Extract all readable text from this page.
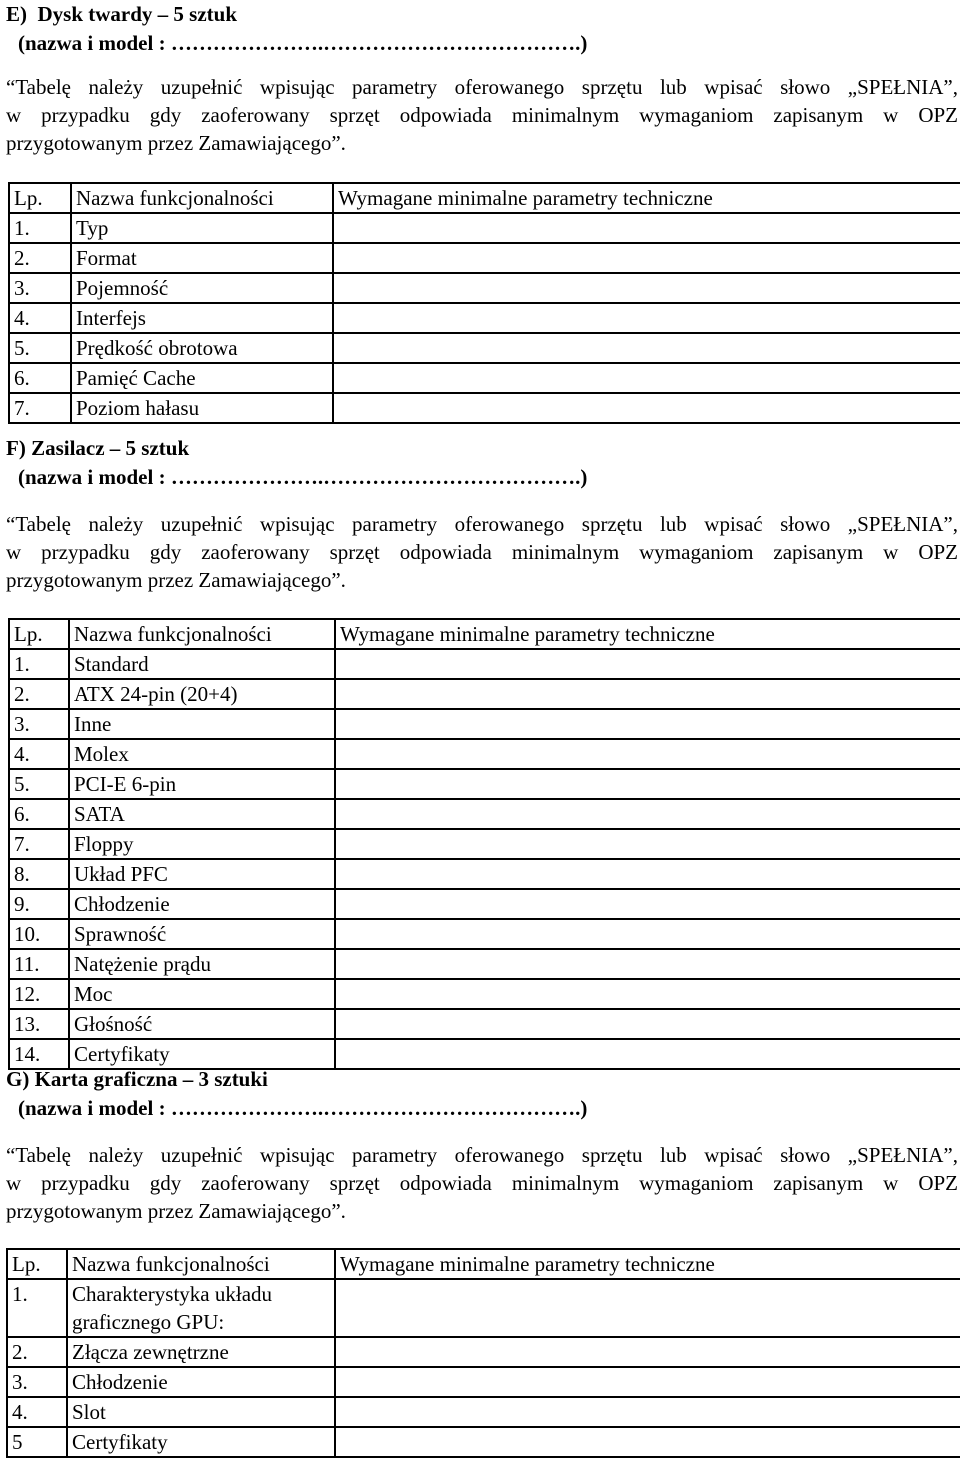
E)  Dysk twardy – 5 sztuk
(nazwa i model : ………………….……………………………….)
“Tabelę należy uzupełnić wpisując parametry oferowanego sprzętu lub wpisać słowo „SPEŁNIA”,
w przypadku gdy zaoferowany sprzęt odpowiada minimalnym wymaganiom zapisanym w OPZ
przygotowanym przez Zamawiającego”.
Lp.	Nazwa funkcjonalności	Wymagane minimalne parametry techniczne
1.	Typ	
2.	Format	
3.	Pojemność	
4.	Interfejs	
5.	Prędkość obrotowa	
6.	Pamięć Cache	
7.	Poziom hałasu	
F) Zasilacz – 5 sztuk
(nazwa i model : ………………….……………………………….)
“Tabelę należy uzupełnić wpisując parametry oferowanego sprzętu lub wpisać słowo „SPEŁNIA”,
w przypadku gdy zaoferowany sprzęt odpowiada minimalnym wymaganiom zapisanym w OPZ
przygotowanym przez Zamawiającego”.
Lp.	Nazwa funkcjonalności	Wymagane minimalne parametry techniczne
1.	Standard	
2.	ATX 24-pin (20+4)	
3.	Inne	
4.	Molex	
5.	PCI-E 6-pin	
6.	SATA	
7.	Floppy	
8.	Układ PFC	
9.	Chłodzenie	
10.	Sprawność	
11.	Natężenie prądu	
12.	Moc	
13.	Głośność	
14.	Certyfikaty	
G) Karta graficzna – 3 sztuki
(nazwa i model : ………………….……………………………….)
“Tabelę należy uzupełnić wpisując parametry oferowanego sprzętu lub wpisać słowo „SPEŁNIA”,
w przypadku gdy zaoferowany sprzęt odpowiada minimalnym wymaganiom zapisanym w OPZ
przygotowanym przez Zamawiającego”.
Lp.	Nazwa funkcjonalności	Wymagane minimalne parametry techniczne
1.	Charakterystyka układu graficznego GPU:	
2.	Złącza zewnętrzne	
3.	Chłodzenie	
4.	Slot	
5	Certyfikaty	
